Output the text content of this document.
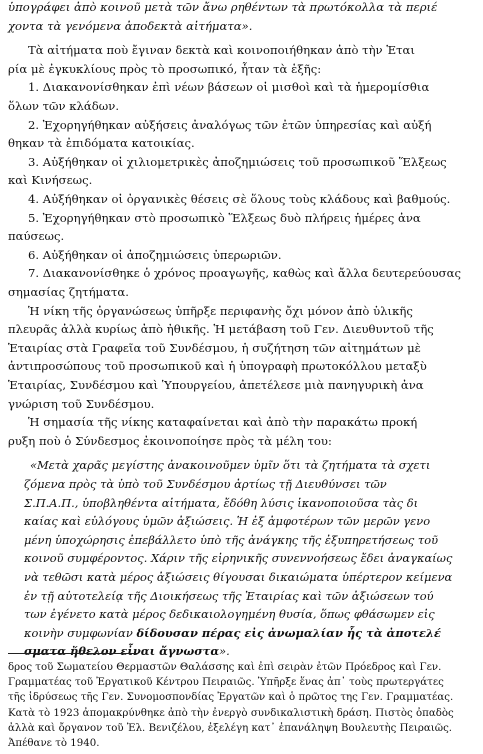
ὑπογράφει ἀπὸ κοινοῦ μετὰ τῶν ἄνω ρηθέντων τὰ πρωτόκολλα τὰ περιέ
χοντα τὰ γενόμενα ἀποδεκτὰ αἰτήματα».
Τὰ αἰτήματα ποὺ ἔγιναν δεκτὰ καὶ κοινοποιήθηκαν ἀπὸ τὴν Ἑται
ρία μὲ ἐγκυκλίους πρὸς τὸ προσωπικό, ἦταν τὰ ἑξῆς:
1. Διακανονίσθηκαν ἐπὶ νέων βάσεων οἱ μισθοὶ καὶ τὰ ἡμερομίσθια
ὅλων τῶν κλάδων.
2. Ἐχορηγήθηκαν αὐξήσεις ἀναλόγως τῶν ἐτῶν ὑπηρεσίας καὶ αὐξή
θηκαν τὰ ἐπιδόματα κατοικίας.
3. Αὐξήθηκαν οἱ χιλιομετρικὲς ἀποζημιώσεις τοῦ προσωπικοῦ Ἕλξεως
καὶ Κινήσεως.
4. Αὐξήθηκαν οἱ ὀργανικὲς θέσεις σὲ ὅλους τοὺς κλάδους καὶ βαθμούς.
5. Ἐχορηγήθηκαν στὸ προσωπικὸ Ἕλξεως δυὸ πλήρεις ἡμέρες ἀνα
παύσεως.
6. Αὐξήθηκαν οἱ ἀποζημιώσεις ὑπερωριῶν.
7. Διακανονίσθηκε ὁ χρόνος προαγωγῆς, καθὼς καὶ ἄλλα δευτερεύουσας
σημασίας ζητήματα.
Ἡ νίκη τῆς ὀργανώσεως ὑπῆρξε περιφανὴς ὄχι μόνον ἀπὸ ὑλικῆς
πλευρᾶς ἀλλὰ κυρίως ἀπὸ ἠθικῆς. Ἡ μετάβαση τοῦ Γεν. Διευθυντοῦ τῆς
Ἑταιρίας στὰ Γραφεῖα τοῦ Συνδέσμου, ἡ συζήτηση τῶν αἰτημάτων μὲ
ἀντιπροσώπους τοῦ προσωπικοῦ καὶ ἡ ὑπογραφὴ πρωτοκόλλου μεταξὺ
Ἑταιρίας, Συνδέσμου καὶ Ὑπουργείου, ἀπετέλεσε μιὰ πανηγυρικὴ ἀνα
γνώριση τοῦ Συνδέσμου.
Ἡ σημασία τῆς νίκης καταφαίνεται καὶ ἀπὸ τὴν παρακάτω προκή
ρυξη ποὺ ὁ Σύνδεσμος ἐκοινοποίησε πρὸς τὰ μέλη του:
«Μετὰ χαρᾶς μεγίστης ἀνακοινοῦμεν ὑμῖν ὅτι τὰ ζητήματα τὰ σχετι
ζόμενα πρὸς τὰ ὑπὸ τοῦ Συνδέσμου ἀρτίως τῇ Διευθύνσει τῶν
Σ.Π.Α.Π., ὑποβληθέντα αἰτήματα, ἔδόθη λύσις ἱκανοποιοῦσα τὰς δι
καίας καὶ εὐλόγους ὑμῶν ἀξιώσεις. Ἡ ἐξ ἀμφοτέρων τῶν μερῶν γενο
μένη ὑποχώρησις ἐπεβάλλετο ὑπὸ τῆς ἀνάγκης τῆς ἐξυπηρετήσεως τοῦ
κοινοῦ συμφέροντος. Χάριν τῆς εἰρηνικῆς συνεννοήσεως ἔδει ἀναγκαίως
νὰ τεθῶσι κατὰ μέρος ἀξιώσεις θίγουσαι δικαιώματα ὑπέρτερον κείμενα
ἐν τῇ αὐτοτελείᾳ τῆς Διοικήσεως τῆς Ἑταιρίας καὶ τῶν ἀξιώσεων τού
των ἐγένετο κατὰ μέρος δεδικαιολογημένη θυσία, ὅπως φθάσωμεν εἰς
κοινὴν συμφωνίαν δίδουσαν πέρας εἰς ἀνωμαλίαν ἧς τὰ ἀποτελέ
σματα ἤθελον εἶναι ἄγνωστα».
δρος τοῦ Σωματείου Θερμαστῶν Θαλάσσης καὶ ἐπὶ σειρὰν ἐτῶν Πρόεδρος καὶ Γεν.
Γραμματέας τοῦ Ἐργατικοῦ Κέντρου Πειραιῶς. Ὑπῆρξε ἕνας ἀπ᾽ τοὺς πρωτεργάτες
τῆς ἱδρύσεως τῆς Γεν. Συνομοσπονδίας Ἐργατῶν καὶ ὁ πρῶτος της Γεν. Γραμματέας.
Κατὰ τὸ 1923 ἀπομακρύνθηκε ἀπὸ τὴν ἐνεργὸ συνδικαλιστικὴ δράση. Πιστὸς ὀπαδὸς
ἀλλὰ καὶ ὄργανον τοῦ Ἐλ. Βενιζέλου, ἐξελέγη κατ᾽ ἐπανάληψη Βουλευτὴς Πειραιῶς.
Ἀπέθανε τὸ 1940.
